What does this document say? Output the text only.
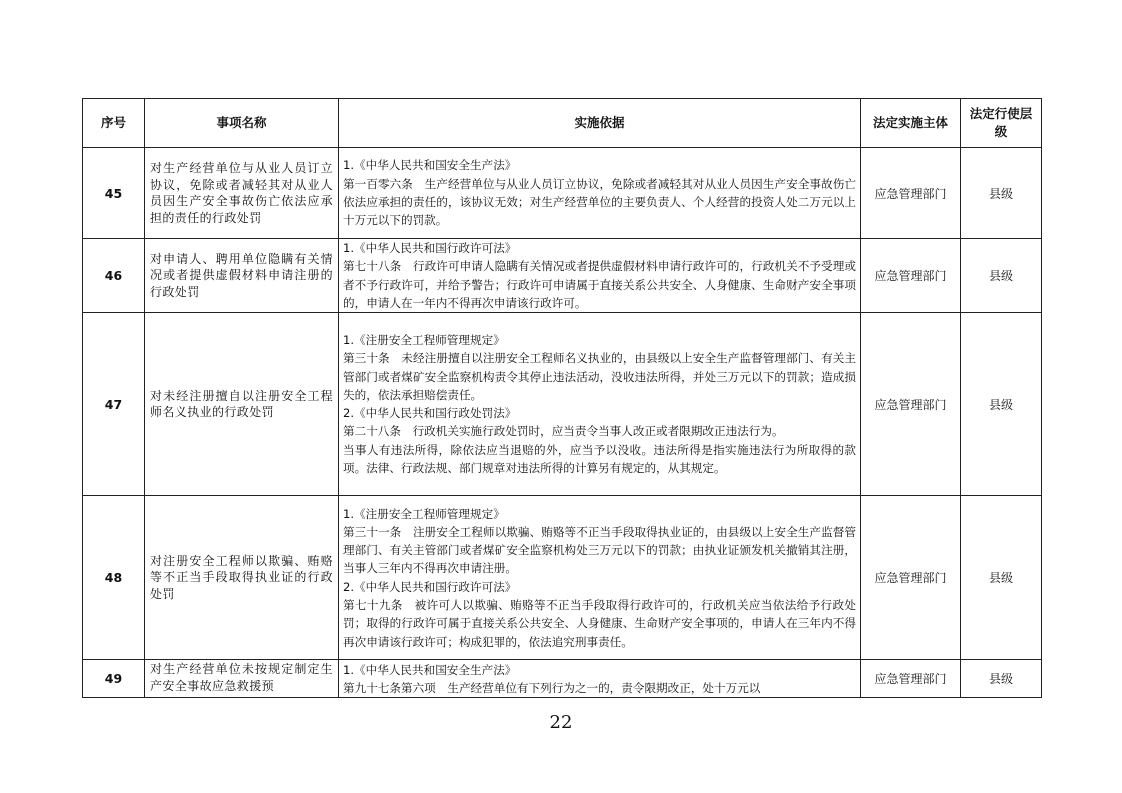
序号	事项名称	实施依据	法定实施主体	法定行使层级
45	对生产经营单位与从业人员订立协议，免除或者减轻其对从业人员因生产安全事故伤亡依法应承担的责任的行政处罚	1.《中华人民共和国安全生产法》
第一百零六条　生产经营单位与从业人员订立协议，免除或者减轻其对从业人员因生产安全事故伤亡依法应承担的责任的，该协议无效；对生产经营单位的主要负责人、个人经营的投资人处二万元以上十万元以下的罚款。	应急管理部门	县级
46	对申请人、聘用单位隐瞒有关情况或者提供虚假材料申请注册的行政处罚	1.《中华人民共和国行政许可法》
第七十八条　行政许可申请人隐瞒有关情况或者提供虚假材料申请行政许可的，行政机关不予受理或者不予行政许可，并给予警告；行政许可申请属于直接关系公共安全、人身健康、生命财产安全事项的，申请人在一年内不得再次申请该行政许可。	应急管理部门	县级
47	对未经注册擅自以注册安全工程师名义执业的行政处罚	1.《注册安全工程师管理规定》
第三十条　未经注册擅自以注册安全工程师名义执业的，由县级以上安全生产监督管理部门、有关主管部门或者煤矿安全监察机构责令其停止违法活动，没收违法所得，并处三万元以下的罚款；造成损失的，依法承担赔偿责任。
2.《中华人民共和国行政处罚法》
第二十八条　行政机关实施行政处罚时，应当责令当事人改正或者限期改正违法行为。
当事人有违法所得，除依法应当退赔的外，应当予以没收。违法所得是指实施违法行为所取得的款项。法律、行政法规、部门规章对违法所得的计算另有规定的，从其规定。	应急管理部门	县级
48	对注册安全工程师以欺骗、贿赂等不正当手段取得执业证的行政处罚	1.《注册安全工程师管理规定》
第三十一条　注册安全工程师以欺骗、贿赂等不正当手段取得执业证的，由县级以上安全生产监督管理部门、有关主管部门或者煤矿安全监察机构处三万元以下的罚款；由执业证颁发机关撤销其注册，当事人三年内不得再次申请注册。
2.《中华人民共和国行政许可法》
第七十九条　被许可人以欺骗、贿赂等不正当手段取得行政许可的，行政机关应当依法给予行政处罚；取得的行政许可属于直接关系公共安全、人身健康、生命财产安全事项的，申请人在三年内不得再次申请该行政许可；构成犯罪的，依法追究刑事责任。	应急管理部门	县级
49	对生产经营单位未按规定制定生产安全事故应急救援预	1.《中华人民共和国安全生产法》
第九十七条第六项　生产经营单位有下列行为之一的，责令限期改正，处十万元以	应急管理部门	县级
22
